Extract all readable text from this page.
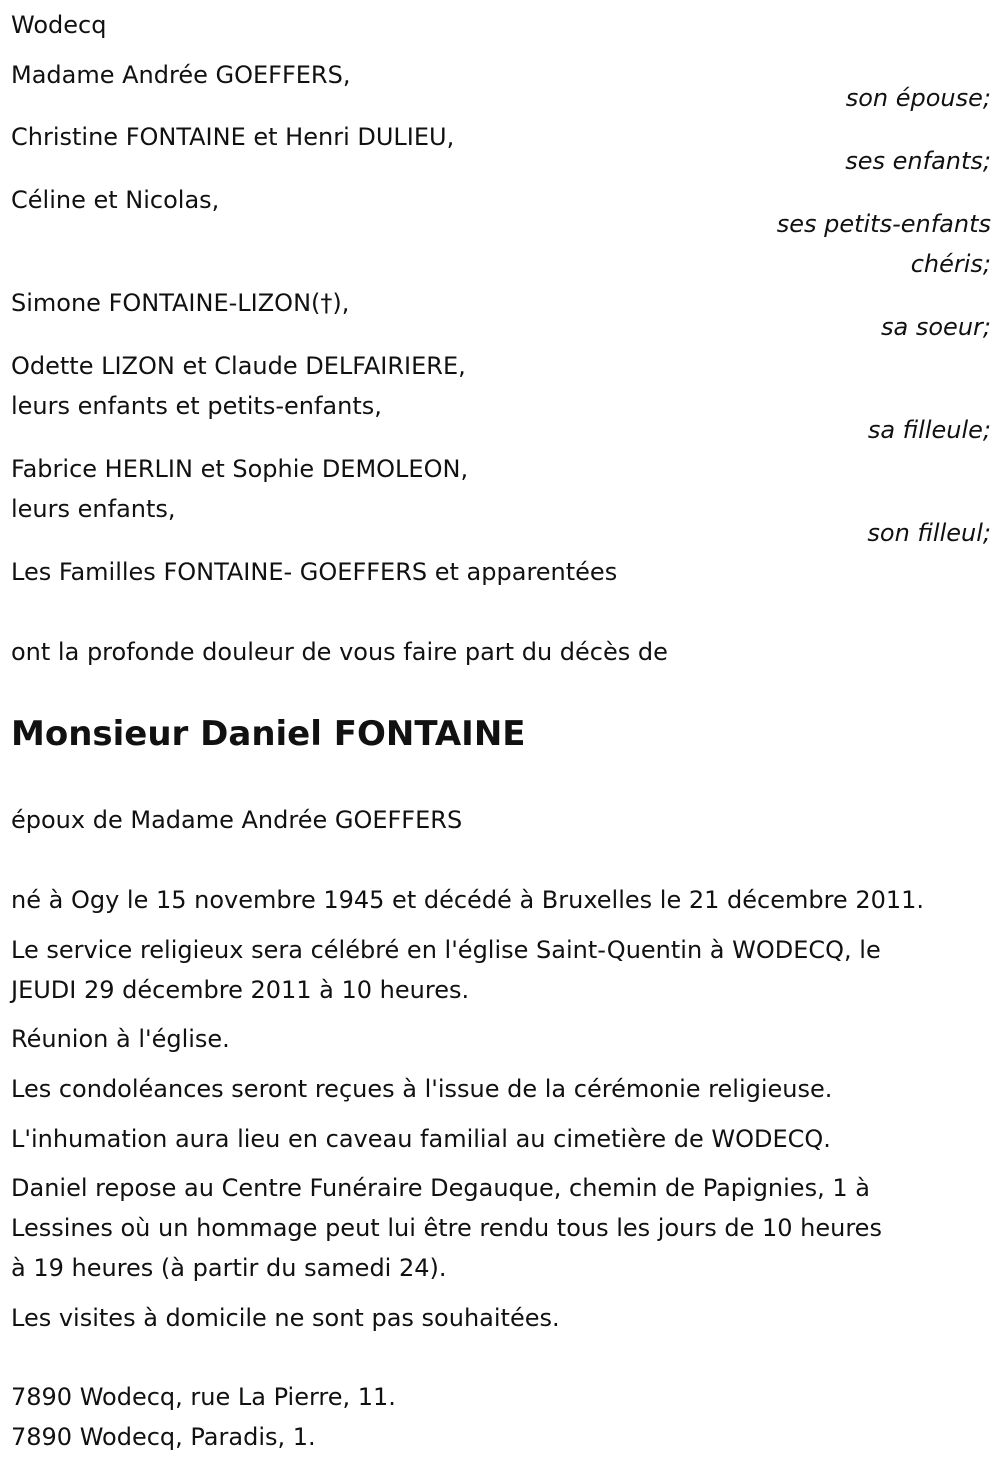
Wodecq
Madame Andrée GOEFFERS,
son épouse;
Christine FONTAINE et Henri DULIEU,
ses enfants;
Céline et Nicolas,
ses petits-enfants
chéris;
Simone FONTAINE-LIZON(†),
sa soeur;
Odette LIZON et Claude DELFAIRIERE,
leurs enfants et petits-enfants,
sa filleule;
Fabrice HERLIN et Sophie DEMOLEON,
leurs enfants,
son filleul;
Les Familles FONTAINE- GOEFFERS et apparentées
ont la profonde douleur de vous faire part du décès de
Monsieur Daniel FONTAINE
époux de Madame Andrée GOEFFERS
né à Ogy le 15 novembre 1945 et décédé à Bruxelles le 21 décembre 2011.
Le service religieux sera célébré en l'église Saint-Quentin à WODECQ, le
JEUDI 29 décembre 2011 à 10 heures.
Réunion à l'église.
Les condoléances seront reçues à l'issue de la cérémonie religieuse.
L'inhumation aura lieu en caveau familial au cimetière de WODECQ.
Daniel repose au Centre Funéraire Degauque, chemin de Papignies, 1 à
Lessines où un hommage peut lui être rendu tous les jours de 10 heures
à 19 heures (à partir du samedi 24).
Les visites à domicile ne sont pas souhaitées.
7890 Wodecq, rue La Pierre, 11.
7890 Wodecq, Paradis, 1.
